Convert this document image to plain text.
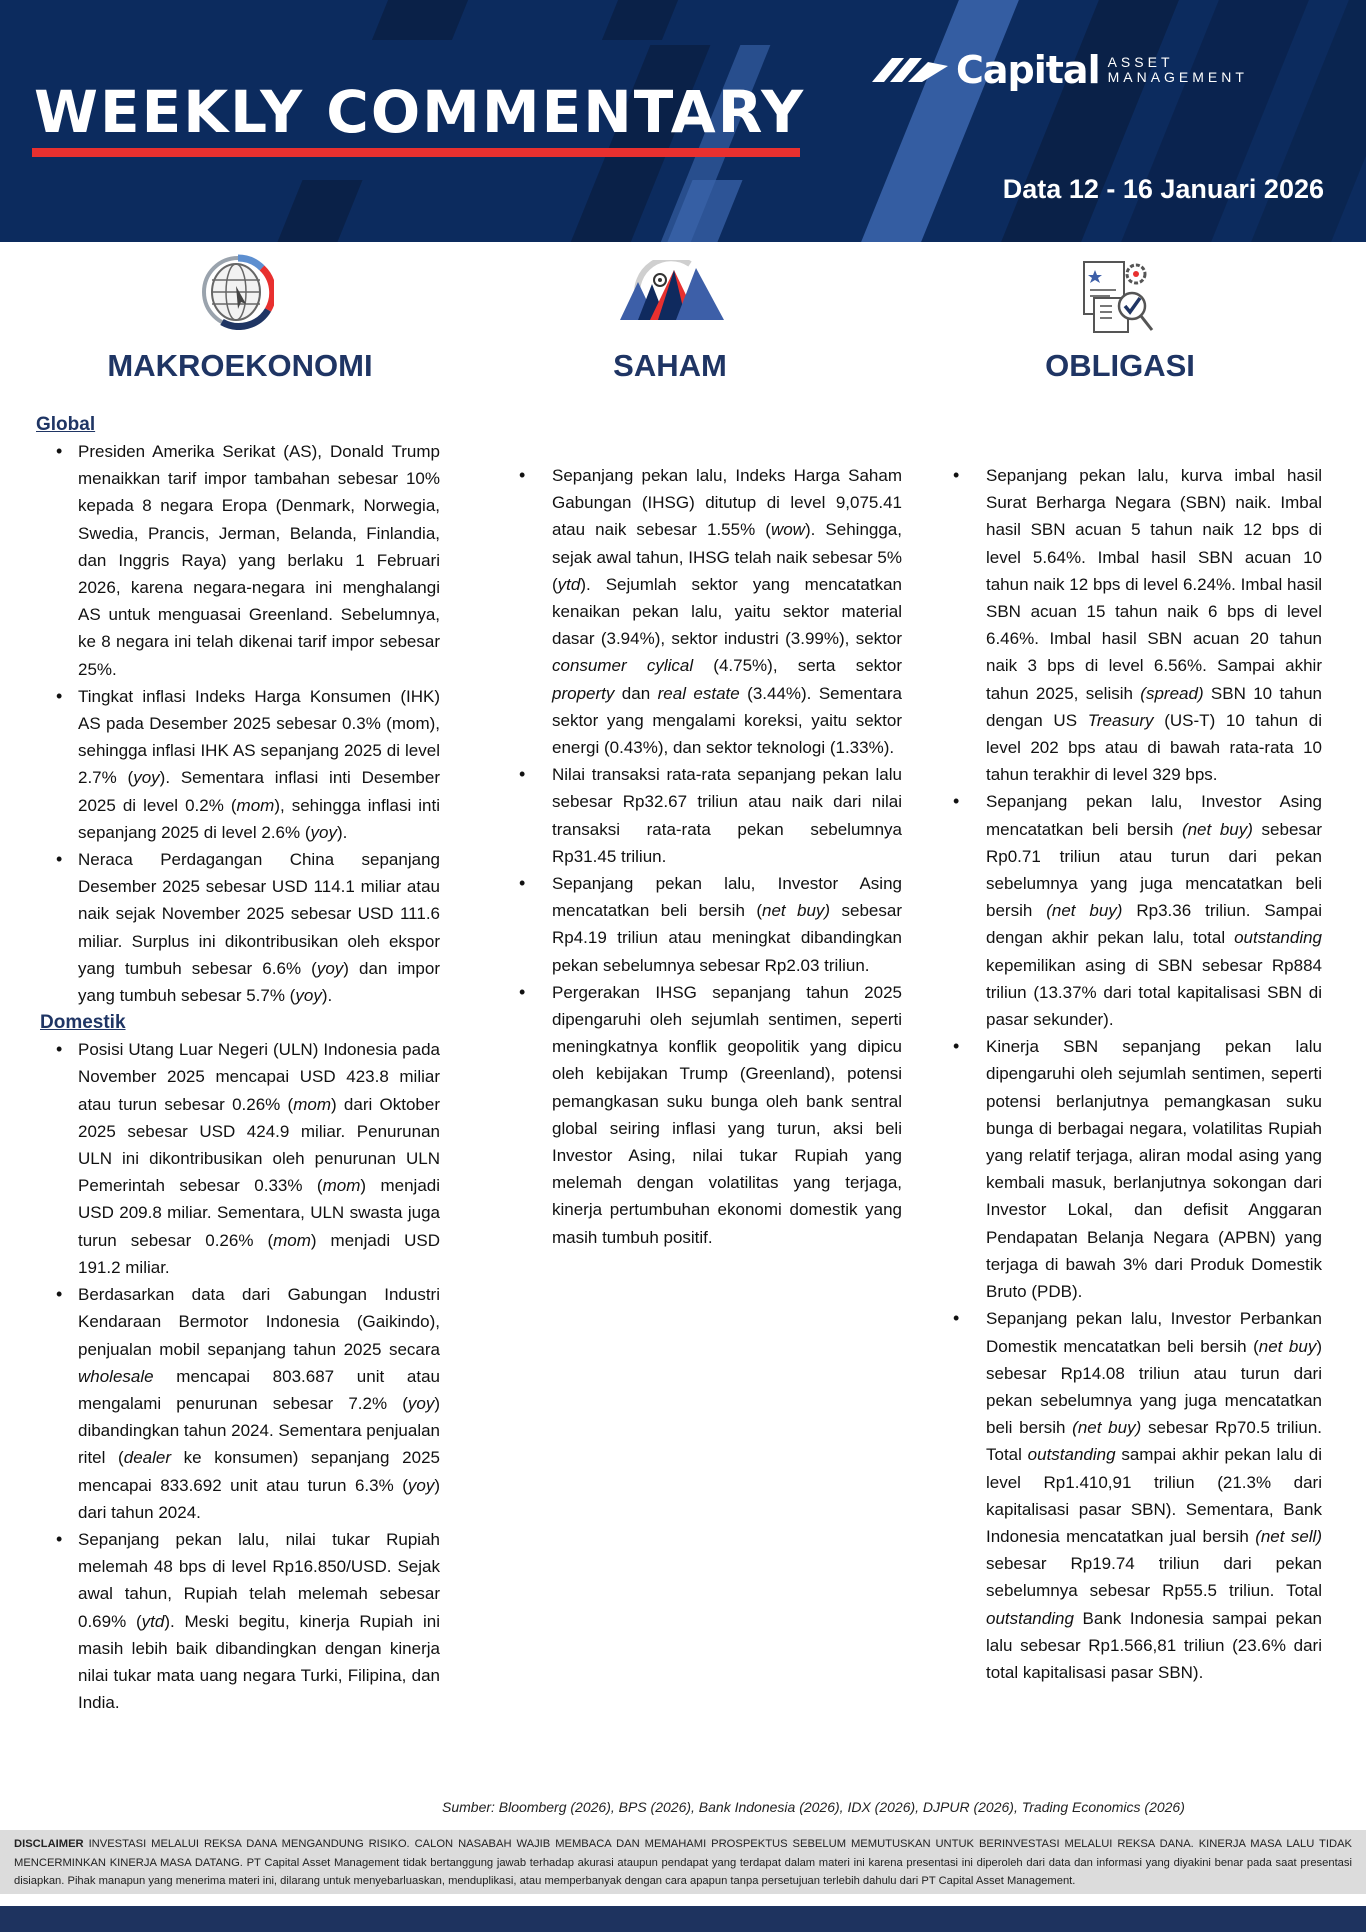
WEEKLY COMMENTARY
Capital ASSET
MANAGEMENT
Data 12 - 16 Januari 2026
MAKROEKONOMI	SAHAM	OBLIGASI
Global
• Presiden Amerika Serikat (AS), Donald Trump menaikkan tarif impor tambahan sebesar 10% kepada 8 negara Eropa (Denmark, Norwegia, Swedia, Prancis, Jerman, Belanda, Finlandia, dan Inggris Raya) yang berlaku 1 Februari 2026, karena negara-negara ini menghalangi AS untuk menguasai Greenland. Sebelumnya, ke 8 negara ini telah dikenai tarif impor sebesar 25%.
• Tingkat inflasi Indeks Harga Konsumen (IHK) AS pada Desember 2025 sebesar 0.3% (mom), sehingga inflasi IHK AS sepanjang 2025 di level 2.7% (yoy). Sementara inflasi inti Desember 2025 di level 0.2% (mom), sehingga inflasi inti sepanjang 2025 di level 2.6% (yoy).
• Neraca Perdagangan China sepanjang Desember 2025 sebesar USD 114.1 miliar atau naik sejak November 2025 sebesar USD 111.6 miliar. Surplus ini dikontribusikan oleh ekspor yang tumbuh sebesar 6.6% (yoy) dan impor yang tumbuh sebesar 5.7% (yoy).
Domestik
• Posisi Utang Luar Negeri (ULN) Indonesia pada November 2025 mencapai USD 423.8 miliar atau turun sebesar 0.26% (mom) dari Oktober 2025 sebesar USD 424.9 miliar. Penurunan ULN ini dikontribusikan oleh penurunan ULN Pemerintah sebesar 0.33% (mom) menjadi USD 209.8 miliar. Sementara, ULN swasta juga turun sebesar 0.26% (mom) menjadi USD 191.2 miliar.
• Berdasarkan data dari Gabungan Industri Kendaraan Bermotor Indonesia (Gaikindo), penjualan mobil sepanjang tahun 2025 secara wholesale mencapai 803.687 unit atau mengalami penurunan sebesar 7.2% (yoy) dibandingkan tahun 2024. Sementara penjualan ritel (dealer ke konsumen) sepanjang 2025 mencapai 833.692 unit atau turun 6.3% (yoy) dari tahun 2024.
• Sepanjang pekan lalu, nilai tukar Rupiah melemah 48 bps di level Rp16.850/USD. Sejak awal tahun, Rupiah telah melemah sebesar 0.69% (ytd). Meski begitu, kinerja Rupiah ini masih lebih baik dibandingkan dengan kinerja nilai tukar mata uang negara Turki, Filipina, dan India.
• Sepanjang pekan lalu, Indeks Harga Saham Gabungan (IHSG) ditutup di level 9,075.41 atau naik sebesar 1.55% (wow). Sehingga, sejak awal tahun, IHSG telah naik sebesar 5% (ytd). Sejumlah sektor yang mencatatkan kenaikan pekan lalu, yaitu sektor material dasar (3.94%), sektor industri (3.99%), sektor consumer cylical (4.75%), serta sektor property dan real estate (3.44%). Sementara sektor yang mengalami koreksi, yaitu sektor energi (0.43%), dan sektor teknologi (1.33%).
• Nilai transaksi rata-rata sepanjang pekan lalu sebesar Rp32.67 triliun atau naik dari nilai transaksi rata-rata pekan sebelumnya Rp31.45 triliun.
• Sepanjang pekan lalu, Investor Asing mencatatkan beli bersih (net buy) sebesar Rp4.19 triliun atau meningkat dibandingkan pekan sebelumnya sebesar Rp2.03 triliun.
• Pergerakan IHSG sepanjang tahun 2025 dipengaruhi oleh sejumlah sentimen, seperti meningkatnya konflik geopolitik yang dipicu oleh kebijakan Trump (Greenland), potensi pemangkasan suku bunga oleh bank sentral global seiring inflasi yang turun, aksi beli Investor Asing, nilai tukar Rupiah yang melemah dengan volatilitas yang terjaga, kinerja pertumbuhan ekonomi domestik yang masih tumbuh positif.
• Sepanjang pekan lalu, kurva imbal hasil Surat Berharga Negara (SBN) naik. Imbal hasil SBN acuan 5 tahun naik 12 bps di level 5.64%. Imbal hasil SBN acuan 10 tahun naik 12 bps di level 6.24%. Imbal hasil SBN acuan 15 tahun naik 6 bps di level 6.46%. Imbal hasil SBN acuan 20 tahun naik 3 bps di level 6.56%. Sampai akhir tahun 2025, selisih (spread) SBN 10 tahun dengan US Treasury (US-T) 10 tahun di level 202 bps atau di bawah rata-rata 10 tahun terakhir di level 329 bps.
• Sepanjang pekan lalu, Investor Asing mencatatkan beli bersih (net buy) sebesar Rp0.71 triliun atau turun dari pekan sebelumnya yang juga mencatatkan beli bersih (net buy) Rp3.36 triliun. Sampai dengan akhir pekan lalu, total outstanding kepemilikan asing di SBN sebesar Rp884 triliun (13.37% dari total kapitalisasi SBN di pasar sekunder).
• Kinerja SBN sepanjang pekan lalu dipengaruhi oleh sejumlah sentimen, seperti potensi berlanjutnya pemangkasan suku bunga di berbagai negara, volatilitas Rupiah yang relatif terjaga, aliran modal asing yang kembali masuk, berlanjutnya sokongan dari Investor Lokal, dan defisit Anggaran Pendapatan Belanja Negara (APBN) yang terjaga di bawah 3% dari Produk Domestik Bruto (PDB).
• Sepanjang pekan lalu, Investor Perbankan Domestik mencatatkan beli bersih (net buy) sebesar Rp14.08 triliun atau turun dari pekan sebelumnya yang juga mencatatkan beli bersih (net buy) sebesar Rp70.5 triliun. Total outstanding sampai akhir pekan lalu di level Rp1.410,91 triliun (21.3% dari kapitalisasi pasar SBN). Sementara, Bank Indonesia mencatatkan jual bersih (net sell) sebesar Rp19.74 triliun dari pekan sebelumnya sebesar Rp55.5 triliun. Total outstanding Bank Indonesia sampai pekan lalu sebesar Rp1.566,81 triliun (23.6% dari total kapitalisasi pasar SBN).
Sumber: Bloomberg (2026), BPS (2026), Bank Indonesia (2026), IDX (2026), DJPUR (2026), Trading Economics (2026)

DISCLAIMER INVESTASI MELALUI REKSA DANA MENGANDUNG RISIKO. CALON NASABAH WAJIB MEMBACA DAN MEMAHAMI PROSPEKTUS SEBELUM MEMUTUSKAN UNTUK BERINVESTASI MELALUI REKSA DANA. KINERJA MASA LALU TIDAK MENCERMINKAN KINERJA MASA DATANG. PT Capital Asset Management tidak bertanggung jawab terhadap akurasi ataupun pendapat yang terdapat dalam materi ini karena presentasi ini diperoleh dari data dan informasi yang diyakini benar pada saat presentasi disiapkan. Pihak manapun yang menerima materi ini, dilarang untuk menyebarluaskan, menduplikasi, atau memperbanyak dengan cara apapun tanpa persetujuan terlebih dahulu dari PT Capital Asset Management.
